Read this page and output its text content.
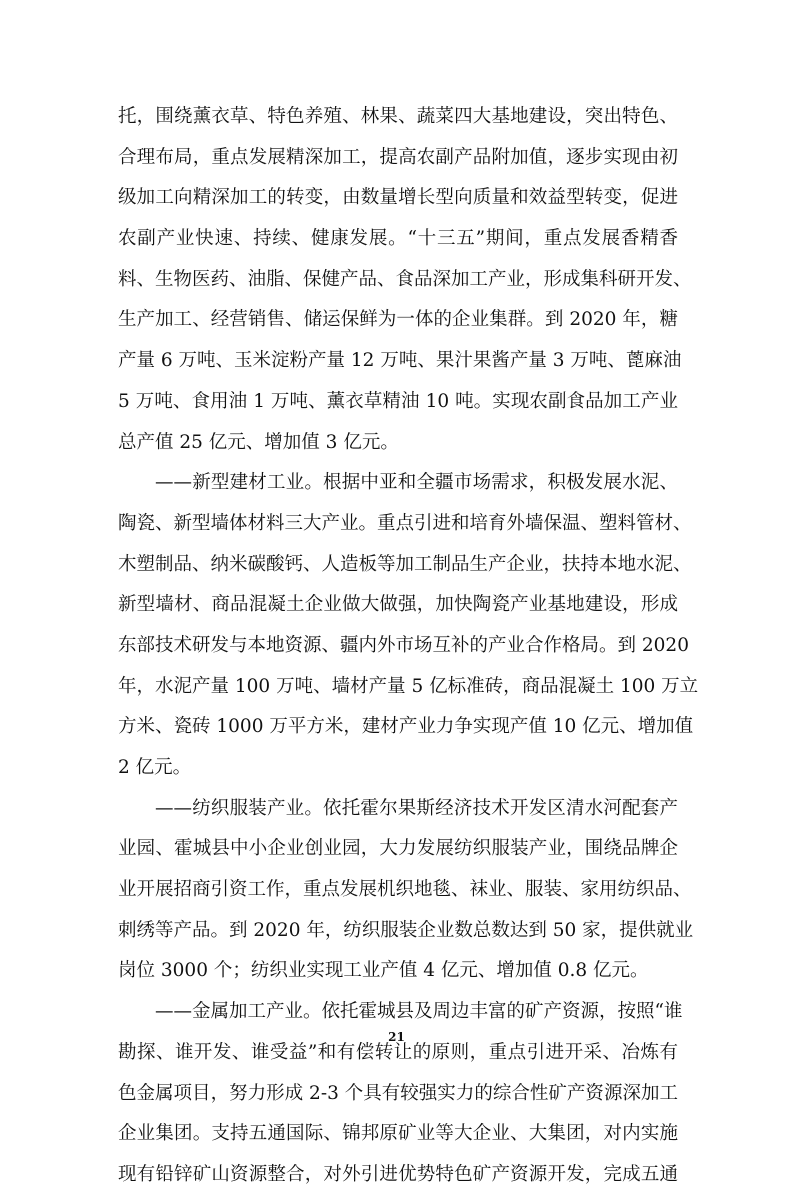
托，围绕薰衣草、特色养殖、林果、蔬菜四大基地建设，突出特色、
合理布局，重点发展精深加工，提高农副产品附加值，逐步实现由初
级加工向精深加工的转变，由数量增长型向质量和效益型转变，促进
农副产业快速、持续、健康发展。“十三五”期间，重点发展香精香
料、生物医药、油脂、保健产品、食品深加工产业，形成集科研开发、
生产加工、经营销售、储运保鲜为一体的企业集群。到 2020 年，糖
产量 6 万吨、玉米淀粉产量 12 万吨、果汁果酱产量 3 万吨、蓖麻油
5 万吨、食用油 1 万吨、薰衣草精油 10 吨。实现农副食品加工产业
总产值 25 亿元、增加值 3 亿元。
——新型建材工业。根据中亚和全疆市场需求，积极发展水泥、
陶瓷、新型墙体材料三大产业。重点引进和培育外墙保温、塑料管材、
木塑制品、纳米碳酸钙、人造板等加工制品生产企业，扶持本地水泥、
新型墙材、商品混凝土企业做大做强，加快陶瓷产业基地建设，形成
东部技术研发与本地资源、疆内外市场互补的产业合作格局。到 2020
年，水泥产量 100 万吨、墙材产量 5 亿标准砖，商品混凝土 100 万立
方米、瓷砖 1000 万平方米，建材产业力争实现产值 10 亿元、增加值
2 亿元。
——纺织服装产业。依托霍尔果斯经济技术开发区清水河配套产
业园、霍城县中小企业创业园，大力发展纺织服装产业，围绕品牌企
业开展招商引资工作，重点发展机织地毯、袜业、服装、家用纺织品、
刺绣等产品。到 2020 年，纺织服装企业数总数达到 50 家，提供就业
岗位 3000 个；纺织业实现工业产值 4 亿元、增加值 0.8 亿元。
——金属加工产业。依托霍城县及周边丰富的矿产资源，按照“谁
勘探、谁开发、谁受益”和有偿转让的原则，重点引进开采、冶炼有
色金属项目，努力形成 2-3 个具有较强实力的综合性矿产资源深加工
企业集团。支持五通国际、锦邦原矿业等大企业、大集团，对内实施
现有铅锌矿山资源整合，对外引进优势特色矿产资源开发，完成五通
21
